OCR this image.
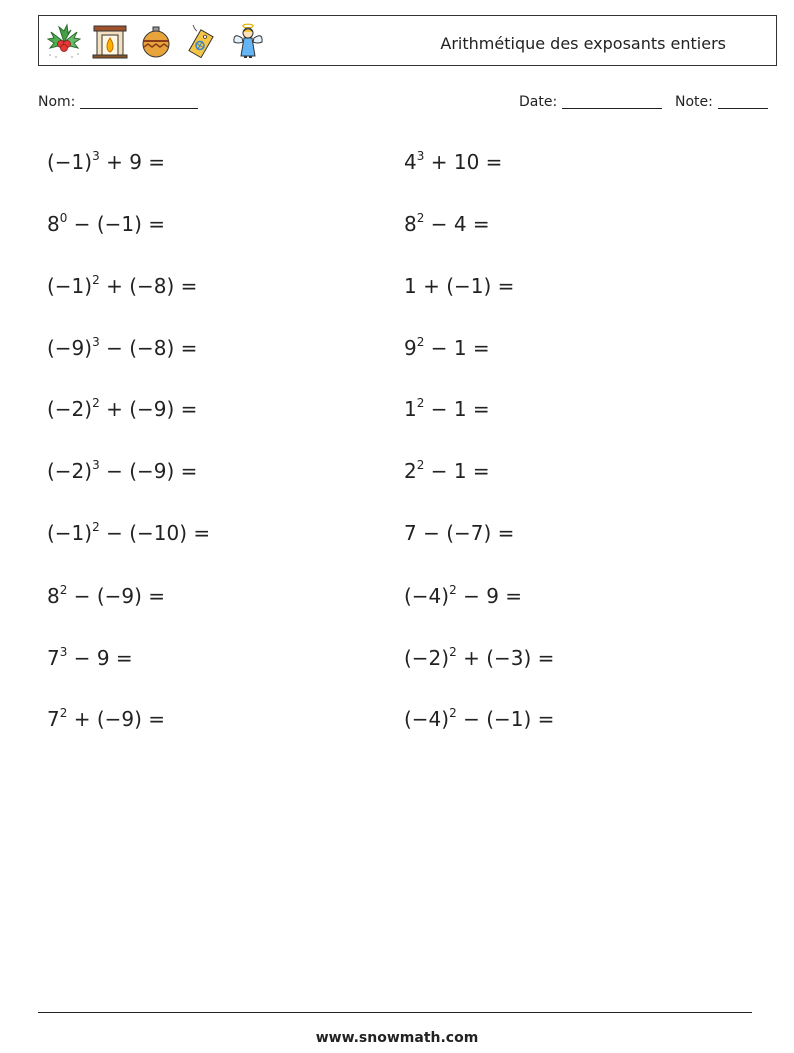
Arithmétique des exposants entiers
Nom:	Date:	Note:
$(-1)^3 + 9$ =	$4^3 + 10$ =
$8^0 - (-1)$ =	$8^2 - 4$ =
$(-1)^2 + (-8)$ =	1 + (−1) =
$(-9)^3 - (-8)$ =	$9^2 - 1$ =
$(-2)^2 + (-9)$ =	$1^2 - 1$ =
$(-2)^3 - (-9)$ =	$2^2 - 1$ =
$(-1)^2 - (-10)$ =	7 − (−7) =
$8^2 - (-9)$ =	$(-4)^2 - 9$ =
$7^3 - 9$ =	$(-2)^2 + (-3)$ =
$7^2 + (-9)$ =	$(-4)^2 - (-1)$ =
www.snowmath.com
